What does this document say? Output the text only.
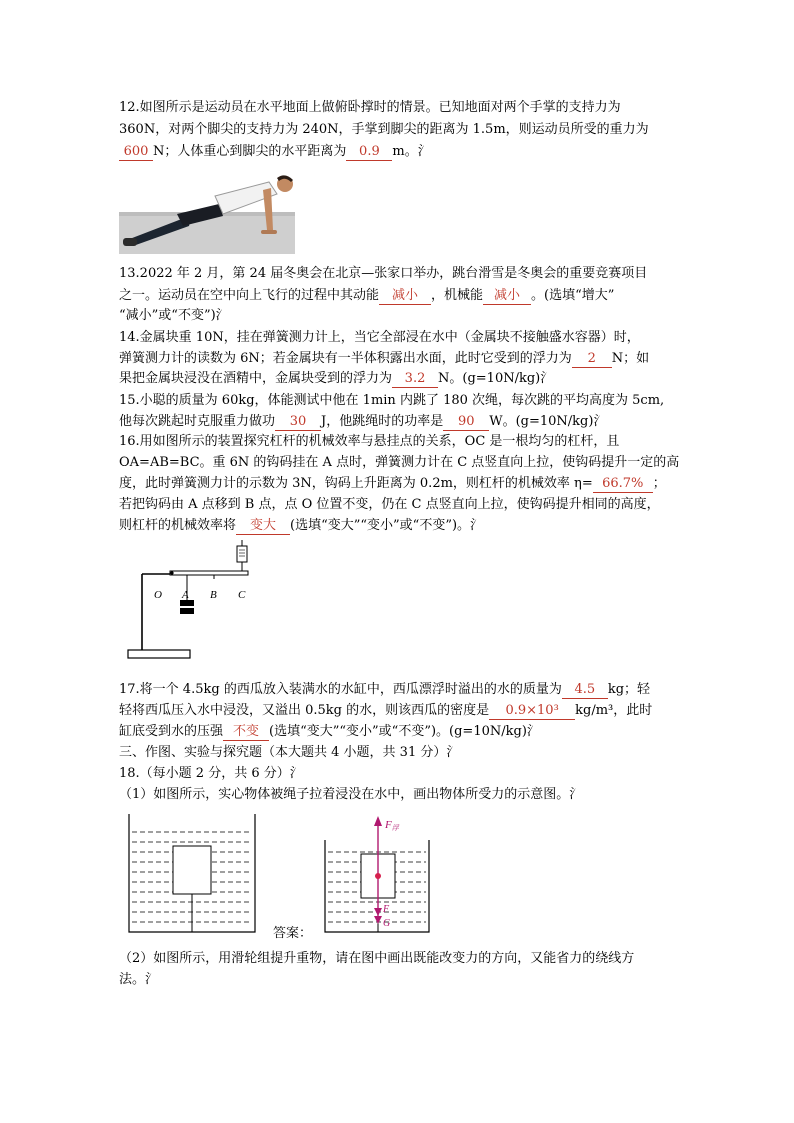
12.如图所示是运动员在水平地面上做俯卧撑时的情景。已知地面对两个手掌的支持力为
360N，对两个脚尖的支持力为 240N，手掌到脚尖的距离为 1.5m，则运动员所受的重力为
600 N；人体重心到脚尖的水平距离为 0.9 m。氵
13.2022 年 2 月，第 24 届冬奥会在北京—张家口举办，跳台滑雪是冬奥会的重要竞赛项目
之一。运动员在空中向上飞行的过程中其动能 减小 ，机械能 减小 。(选填“增大”
“减小”或“不变”)氵
14.金属块重 10N，挂在弹簧测力计上，当它全部浸在水中（金属块不接触盛水容器）时，
弹簧测力计的读数为 6N；若金属块有一半体积露出水面，此时它受到的浮力为 2 N；如
果把金属块浸没在酒精中，金属块受到的浮力为 3.2 N。(g=10N/kg)氵
15.小聪的质量为 60kg，体能测试中他在 1min 内跳了 180 次绳，每次跳的平均高度为 5cm,
他每次跳起时克服重力做功 30 J，他跳绳时的功率是 90 W。(g=10N/kg)氵
16.用如图所示的装置探究杠杆的机械效率与悬挂点的关系，OC 是一根均匀的杠杆，且
OA=AB=BC。重 6N 的钩码挂在 A 点时，弹簧测力计在 C 点竖直向上拉，使钩码提升一定的高
度，此时弹簧测力计的示数为 3N，钩码上升距离为 0.2m，则杠杆的机械效率 η= 66.7% ；
若把钩码由 A 点移到 B 点，点 O 位置不变，仍在 C 点竖直向上拉，使钩码提升相同的高度，
则杠杆的机械效率将 变大 (选填“变大”“变小”或“不变”)。氵
O A B C
17.将一个 4.5kg 的西瓜放入装满水的水缸中，西瓜漂浮时溢出的水的质量为 4.5 kg；轻
轻将西瓜压入水中浸没，又溢出 0.5kg 的水，则该西瓜的密度是 0.9×10³ kg/m³，此时
缸底受到水的压强 不变 (选填“变大”“变小”或“不变”)。(g=10N/kg)氵
三、作图、实验与探究题（本大题共 4 小题，共 31 分）氵
18.（每小题 2 分，共 6 分）氵
（1）如图所示，实心物体被绳子拉着浸没在水中，画出物体所受力的示意图。氵
答案：
F浮
F
G
（2）如图所示，用滑轮组提升重物，请在图中画出既能改变力的方向，又能省力的绕线方
法。氵
